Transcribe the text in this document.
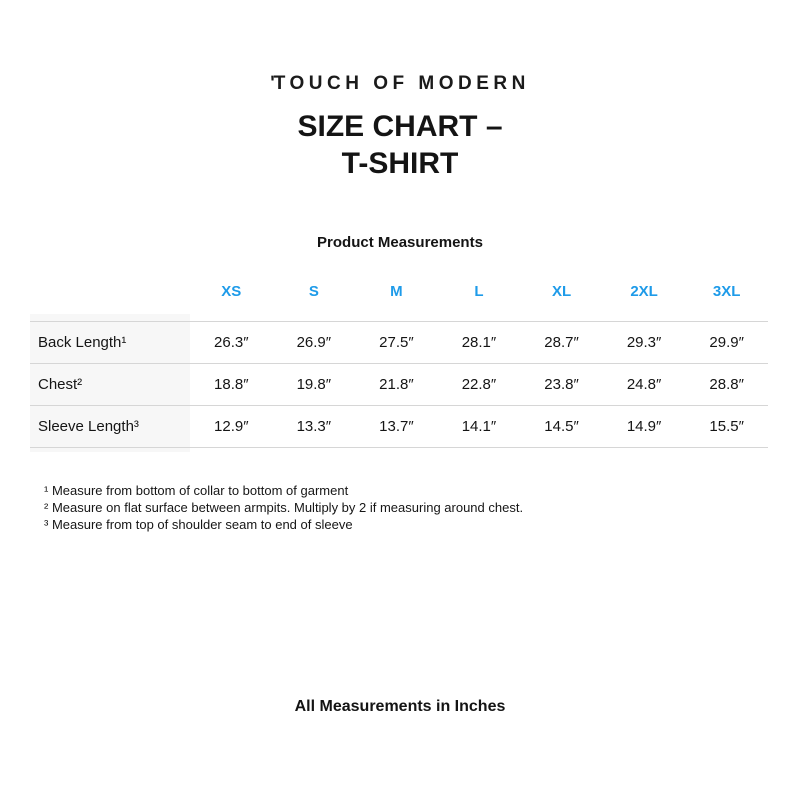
ʹTOUCH OF MODERN
SIZE CHART –
T-SHIRT
Product Measurements
	XS	S	M	L	XL	2XL	3XL
Back Length¹	26.3″	26.9″	27.5″	28.1″	28.7″	29.3″	29.9″
Chest²	18.8″	19.8″	21.8″	22.8″	23.8″	24.8″	28.8″
Sleeve Length³	12.9″	13.3″	13.7″	14.1″	14.5″	14.9″	15.5″
¹ Measure from bottom of collar to bottom of garment
² Measure on flat surface between armpits. Multiply by 2 if measuring around chest.
³ Measure from top of shoulder seam to end of sleeve
All Measurements in Inches
